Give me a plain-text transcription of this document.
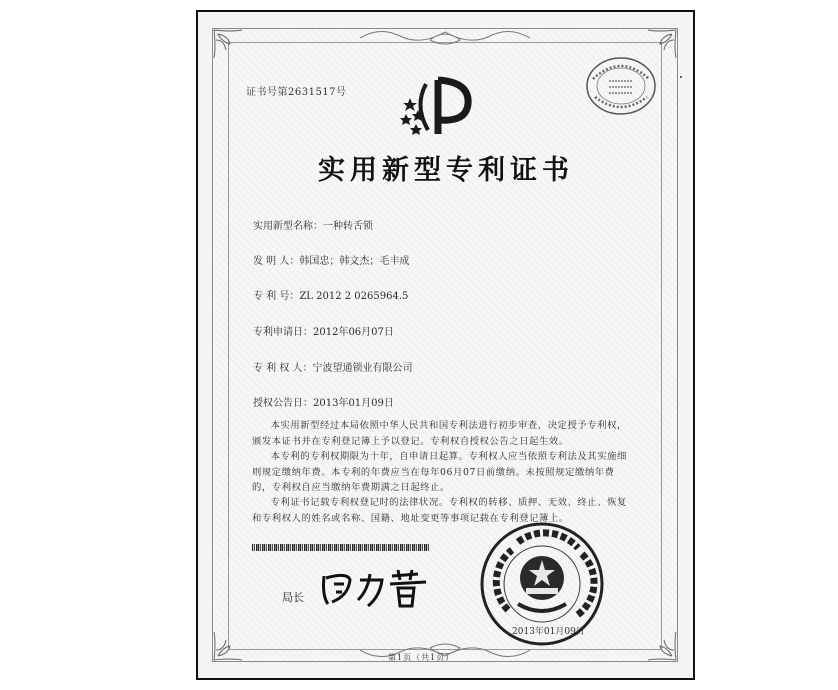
证书号第2631517号
实用新型专利证书
实用新型名称：一种转舌锁
发 明 人：韩国忠；韩文杰；毛丰成
专 利 号：ZL 2012 2 0265964.5
专利申请日：2012年06月07日
专 利 权 人：宁波望通锁业有限公司
授权公告日：2013年01月09日
本实用新型经过本局依照中华人民共和国专利法进行初步审查，决定授予专利权，颁发本证书并在专利登记簿上予以登记。专利权自授权公告之日起生效。
本专利的专利权期限为十年，自申请日起算。专利权人应当依照专利法及其实施细则规定缴纳年费。本专利的年费应当在每年06月07日前缴纳。未按照规定缴纳年费的，专利权自应当缴纳年费期满之日起终止。
专利证书记载专利权登记时的法律状况。专利权的转移、质押、无效、终止、恢复和专利权人的姓名或名称、国籍、地址变更等事项记载在专利登记簿上。
局长
2013年01月09日
第1页（共1页）
